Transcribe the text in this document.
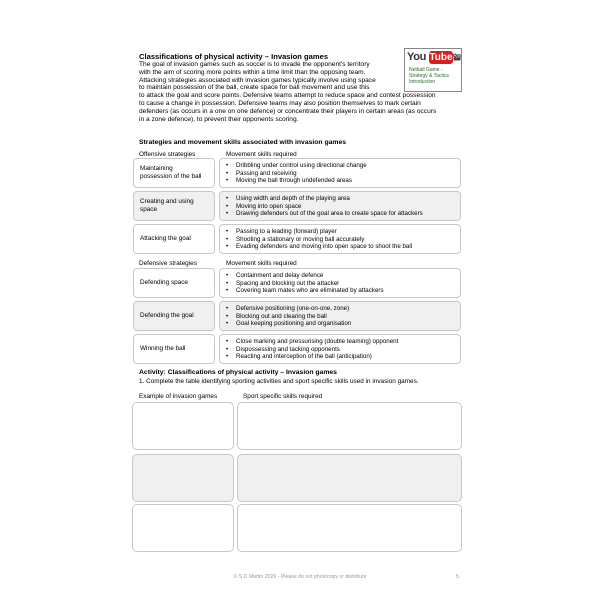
Classifications of physical activity – Invasion games
The goal of invasion games such as soccer is to invade the opponent's territory
with the aim of scoring more points within a time limit than the opposing team.
Attacking strategies associated with invasion games typically involve using space
to maintain possession of the ball, create space for ball movement and use this
to attack the goal and score points. Defensive teams attempt to reduce space and contest possession
to cause a change in possession. Defensive teams may also position themselves to mark certain
defenders (as occurs in a one on one defence) or concentrate their players in certain areas (as occurs
in a zone defence), to prevent their opponents scoring.
You Tube
Netball Game -
Strategy & Tactics
Introduction
Strategies and movement skills associated with invasion games
Offensive strategies	Movement skills required
Maintaining
possession of the ball
• Dribbling under control using directional change
• Passing and receiving
• Moving the ball through undefended areas
Creating and using
space
• Using width and depth of the playing area
• Moving into open space
• Drawing defenders out of the goal area to create space for attackers
Attacking the goal
• Passing to a leading (forward) player
• Shooting a stationary or moving ball accurately
• Evading defenders and moving into open space to shoot the ball
Defensive strategies	Movement skills required
Defending space
• Containment and delay defence
• Spacing and blocking out the attacker
• Covering team mates who are eliminated by attackers
Defending the goal
• Defensive positioning (one-on-one, zone)
• Blocking out and clearing the ball
• Goal keeping positioning and organisation
Winning the ball
• Close marking and pressurising (double teaming) opponent
• Dispossessing and tacking opponents
• Reacting and interception of the ball (anticipation)
Activity: Classifications of physical activity – Invasion games
1. Complete the table identifying sporting activities and sport specific skills used in invasion games.
Example of invasion games	Sport specific skills required
© S D Martin 2026 - Please do not photocopy or distribute	5
